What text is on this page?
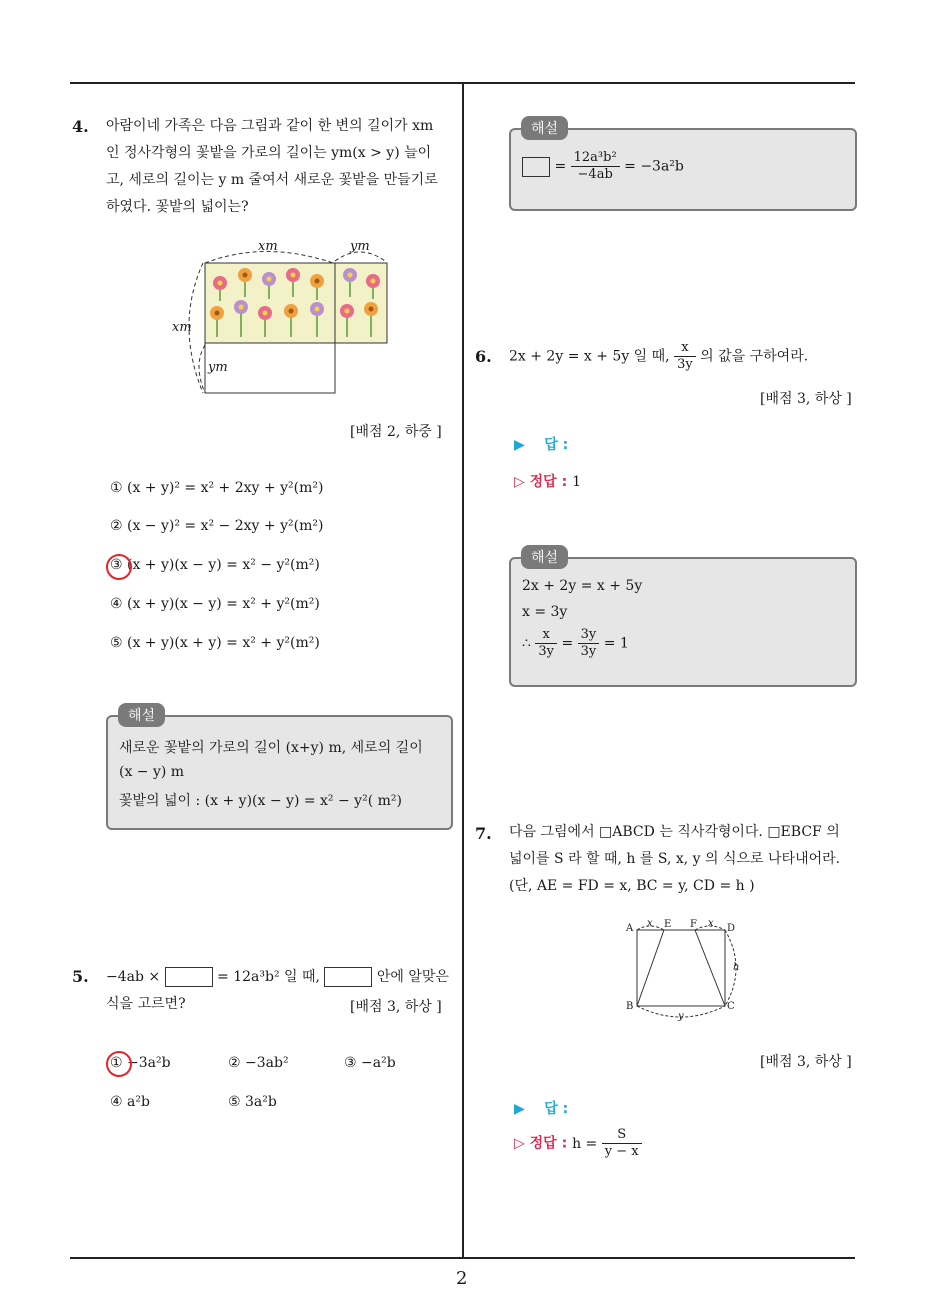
2
4. 아람이네 가족은 다음 그림과 같이 한 변의 길이가 xm
인 정사각형의 꽃밭을 가로의 길이는 ym(x > y) 늘이
고, 세로의 길이는 y m 줄여서 새로운 꽃밭을 만들기로
하였다. 꽃밭의 넓이는?
xm	ym
xm
ym
[배점 2, 하중 ]
① (x + y)² = x² + 2xy + y²(m²)
② (x − y)² = x² − 2xy + y²(m²)
③ (x + y)(x − y) = x² − y²(m²)
④ (x + y)(x − y) = x² + y²(m²)
⑤ (x + y)(x + y) = x² + y²(m²)
해설
새로운 꽃밭의 가로의 길이 (x+y) m, 세로의 길이
(x − y) m
꽃밭의 넓이 : (x + y)(x − y) = x² − y²( m²)
5. −4ab ×	= 12a³b² 일 때,	안에 알맞은
식을 고르면?	[배점 3, 하상 ]
① −3a²b	② −3ab²	③ −a²b
④ a²b	⑤ 3a²b
해설
= $\frac{\text{12a³b²}}{-4ab} = -3a^2b$
6. 2x + 2y = x + 5y 일 때, $\frac{x}{3y}$ 의 값을 구하여라.
[배점 3, 하상 ]
▶ 답 :
▷ 정답 : 1
해설
2x + 2y = x + 5y
x = 3y
∴ $\frac{x}{3y} = \frac{3y}{3y} = 1$
7. 다음 그림에서 □ABCD 는 직사각형이다. □EBCF 의
넓이를 S 라 할 때, h 를 S, x, y 의 식으로 나타내어라.
(단, AE = FD = x, BC = y, CD = h )
A	E F	D
B	C
x	x
h
y
[배점 3, 하상 ]
▶ 답 :
▷ 정답 : $h = \frac{S}{y - x}$
